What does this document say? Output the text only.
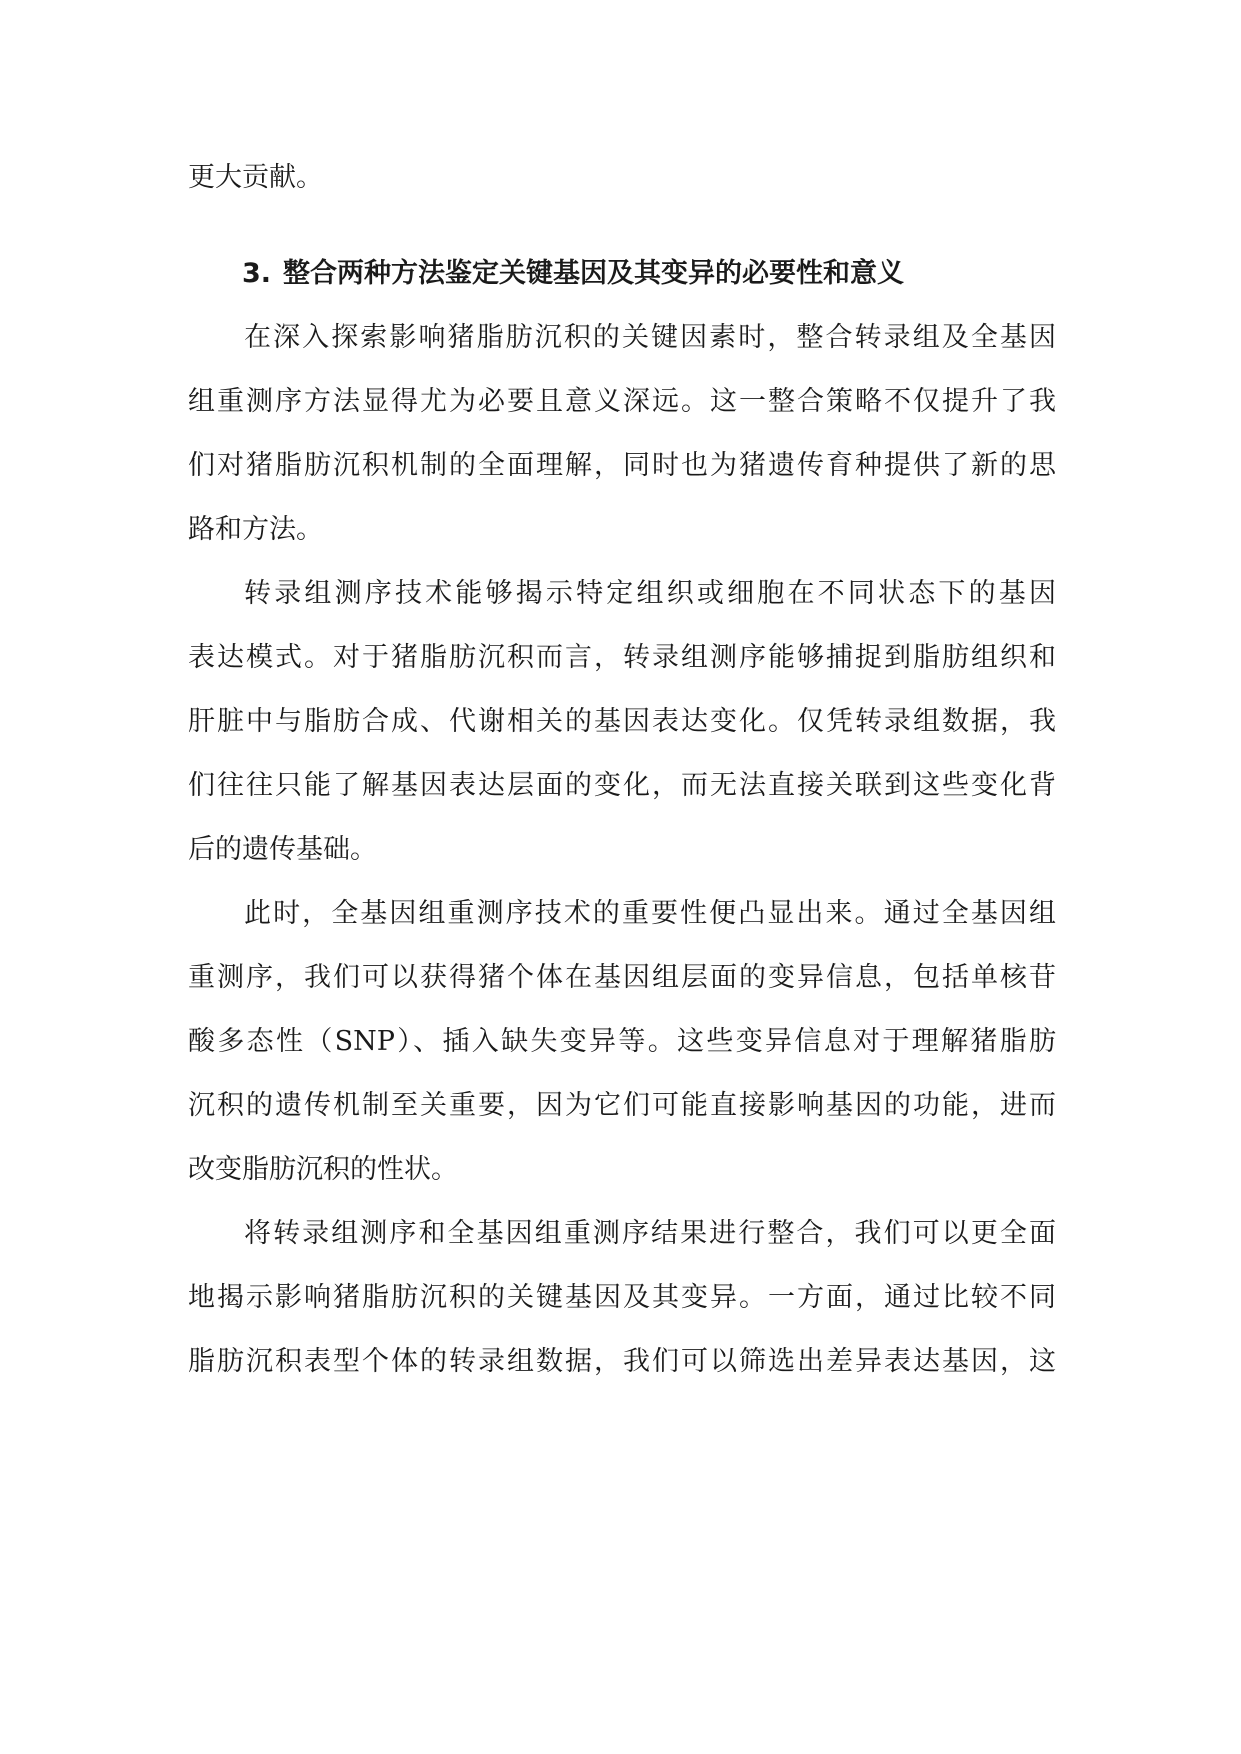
更大贡献。
3. 整合两种方法鉴定关键基因及其变异的必要性和意义
在深入探索影响猪脂肪沉积的关键因素时，整合转录组及全基因
组重测序方法显得尤为必要且意义深远。这一整合策略不仅提升了我
们对猪脂肪沉积机制的全面理解，同时也为猪遗传育种提供了新的思
路和方法。
转录组测序技术能够揭示特定组织或细胞在不同状态下的基因
表达模式。对于猪脂肪沉积而言，转录组测序能够捕捉到脂肪组织和
肝脏中与脂肪合成、代谢相关的基因表达变化。仅凭转录组数据，我
们往往只能了解基因表达层面的变化，而无法直接关联到这些变化背
后的遗传基础。
此时，全基因组重测序技术的重要性便凸显出来。通过全基因组
重测序，我们可以获得猪个体在基因组层面的变异信息，包括单核苷
酸多态性（SNP）、插入缺失变异等。这些变异信息对于理解猪脂肪
沉积的遗传机制至关重要，因为它们可能直接影响基因的功能，进而
改变脂肪沉积的性状。
将转录组测序和全基因组重测序结果进行整合，我们可以更全面
地揭示影响猪脂肪沉积的关键基因及其变异。一方面，通过比较不同
脂肪沉积表型个体的转录组数据，我们可以筛选出差异表达基因，这
